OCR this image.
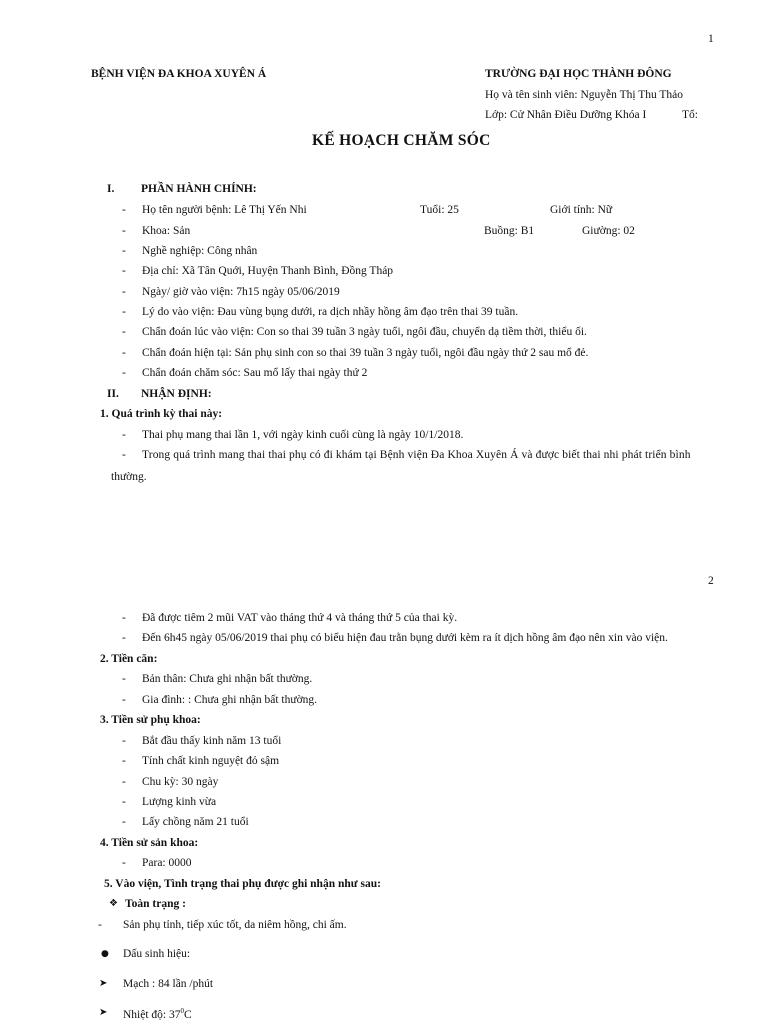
1
BỆNH VIỆN ĐA KHOA XUYÊN Á	TRƯỜNG ĐẠI HỌC THÀNH ĐÔNG
Họ và tên sinh viên: Nguyễn Thị Thu Thảo
Lớp: Cử Nhân Điều Dưỡng Khóa I	Tổ:
KẾ HOẠCH CHĂM SÓC
I. PHẦN HÀNH CHÍNH:
- Họ tên người bệnh: Lê Thị Yến Nhi	Tuổi: 25	Giới tính: Nữ
- Khoa: Sản	Buồng: B1	Giường: 02
- Nghề nghiệp: Công nhân
- Địa chỉ: Xã Tân Quới, Huyện Thanh Bình, Đồng Tháp
- Ngày/ giờ vào viện: 7h15 ngày 05/06/2019
- Lý do vào viện: Đau vùng bụng dưới, ra dịch nhầy hồng âm đạo trên thai 39 tuần.
- Chẩn đoán lúc vào viện: Con so thai 39 tuần 3 ngày tuổi, ngôi đầu, chuyển dạ tiềm thời, thiểu ối.
- Chẩn đoán hiện tại: Sản phụ sinh con so thai 39 tuần 3 ngày tuổi, ngôi đầu ngày thứ 2 sau mổ đẻ.
- Chẩn đoán chăm sóc: Sau mổ lấy thai ngày thứ 2
II. NHẬN ĐỊNH:
1. Quá trình kỳ thai này:
- Thai phụ mang thai lần 1, với ngày kinh cuối cùng là ngày 10/1/2018.
- Trong quá trình mang thai thai phụ có đi khám tại Bệnh viện Đa Khoa Xuyên Á và được biết thai nhi phát triển bình
thường.
2
- Đã được tiêm 2 mũi VAT vào tháng thứ 4 và tháng thứ 5 của thai kỳ.
- Đến 6h45 ngày 05/06/2019 thai phụ có biểu hiện đau trằn bụng dưới kèm ra ít dịch hồng âm đạo nên xin vào viện.
2. Tiền căn:
- Bản thân: Chưa ghi nhận bất thường.
- Gia đình: : Chưa ghi nhận bất thường.
3. Tiền sử phụ khoa:
- Bắt đầu thấy kinh năm 13 tuổi
- Tính chất kinh nguyệt đỏ sậm
- Chu kỳ: 30 ngày
- Lượng kinh vừa
- Lấy chồng năm 21 tuổi
4. Tiền sử sản khoa:
- Para: 0000
5. Vào viện, Tình trạng thai phụ được ghi nhận như sau:
❖ Toàn trạng :
- Sản phụ tỉnh, tiếp xúc tốt, da niêm hồng, chi ấm.
● Dấu sinh hiệu:
➤ Mạch : 84 lần /phút
➤ Nhiệt độ: $37^0C$
